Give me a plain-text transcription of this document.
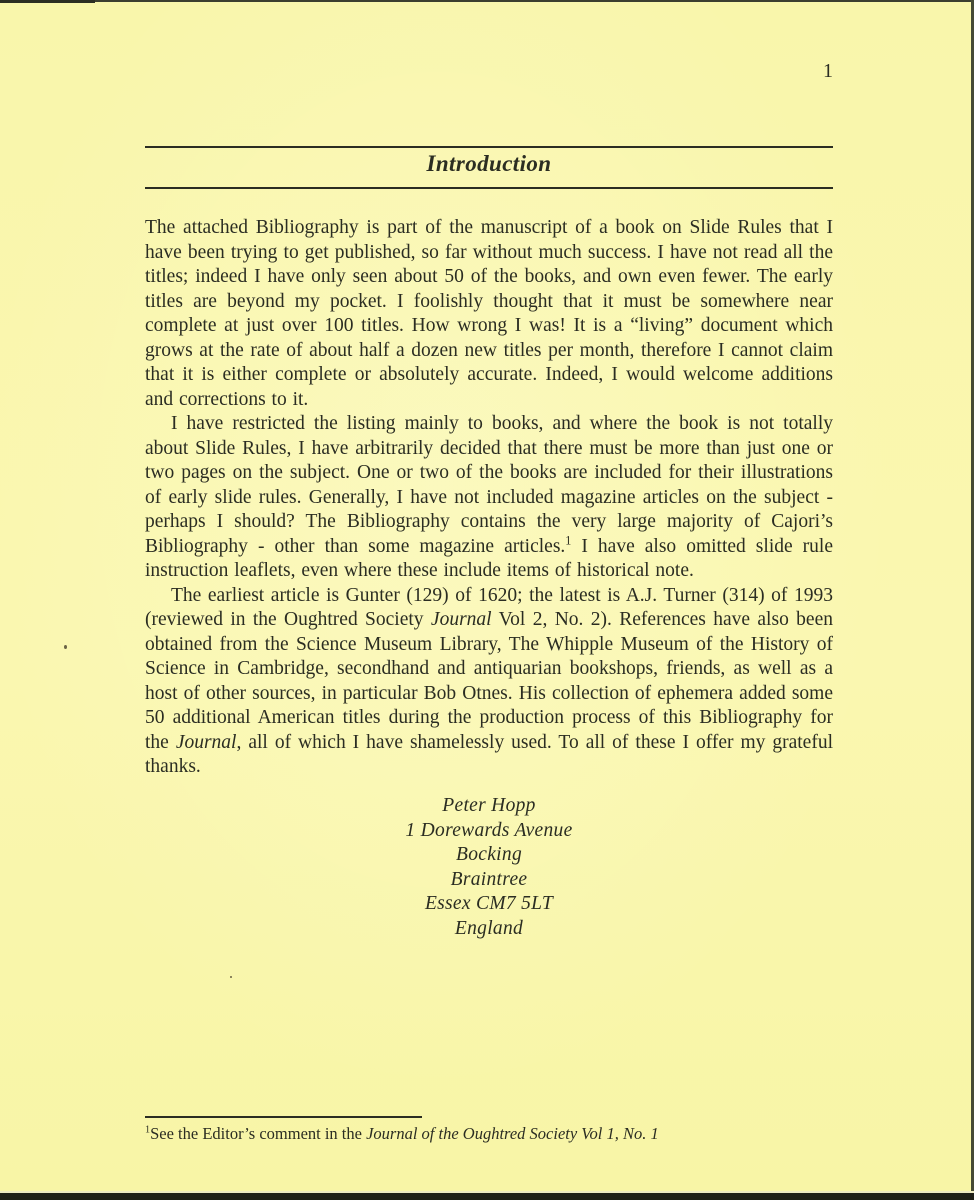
1
Introduction

The attached Bibliography is part of the manuscript of a book on Slide Rules that I have been trying to get published, so far without much success. I have not read all the titles; indeed I have only seen about 50 of the books, and own even fewer. The early titles are beyond my pocket. I foolishly thought that it must be somewhere near complete at just over 100 titles. How wrong I was! It is a “living” document which grows at the rate of about half a dozen new titles per month, therefore I cannot claim that it is either complete or absolutely accurate. Indeed, I would welcome additions and corrections to it.

I have restricted the listing mainly to books, and where the book is not totally about Slide Rules, I have arbitrarily decided that there must be more than just one or two pages on the subject. One or two of the books are included for their illustrations of early slide rules. Generally, I have not included magazine articles on the subject - perhaps I should? The Bibliography contains the very large majority of Cajori’s Bibliography - other than some magazine articles.$^1$ I have also omitted slide rule instruction leaflets, even where these include items of historical note.

The earliest article is Gunter (129) of 1620; the latest is A.J. Turner (314) of 1993 (reviewed in the Oughtred Society Journal Vol 2, No. 2). References have also been obtained from the Science Museum Library, The Whipple Museum of the History of Science in Cambridge, secondhand and antiquarian bookshops, friends, as well as a host of other sources, in particular Bob Otnes. His collection of ephemera added some 50 additional American titles during the production process of this Bibliography for the Journal, all of which I have shamelessly used. To all of these I offer my grateful thanks.

Peter Hopp
1 Dorewards Avenue
Bocking
Braintree
Essex CM7 5LT
England
$^1$See the Editor’s comment in the Journal of the Oughtred Society Vol 1, No. 1
